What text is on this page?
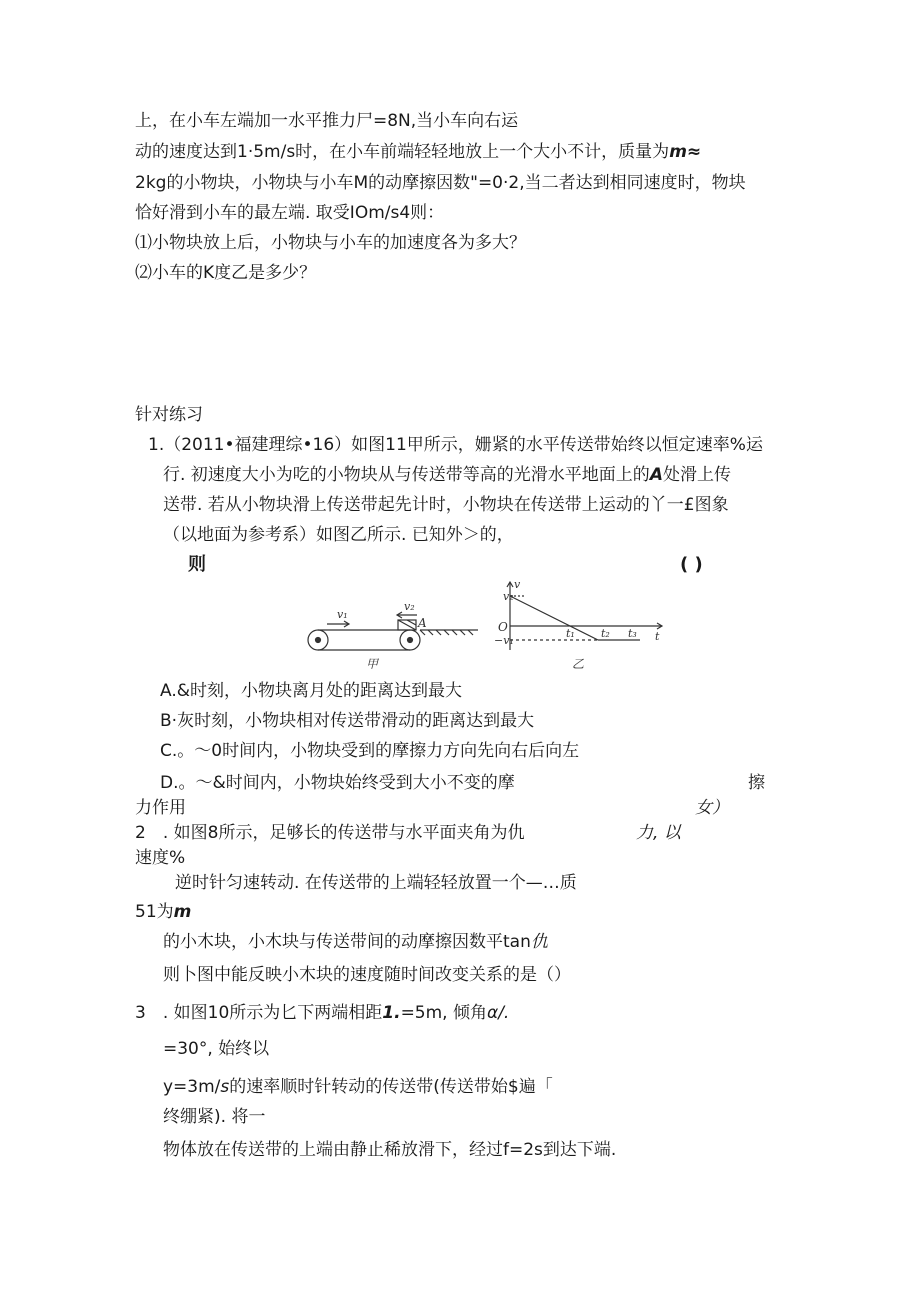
上，在小车左端加一水平推力尸=8N,当小车向右运
动的速度达到1·5m/s时，在小车前端轻轻地放上一个大小不计，质量为m≈
2kg的小物块，小物块与小车M的动摩擦因数"=0·2,当二者达到相同速度时，物块
恰好滑到小车的最左端. 取受IOm/s4则：
⑴小物块放上后，小物块与小车的加速度各为多大？
⑵小车的K度乙是多少？
针对练习
1.（2011•福建理综•16）如图11甲所示，姗紧的水平传送带始终以恒定速率%运
行. 初速度大小为吃的小物块从与传送带等高的光滑水平地面上的A处滑上传
送带. 若从小物块滑上传送带起先计时，小物块在传送带上运动的丫一£图象
（以地面为参考系）如图乙所示. 已知外＞的，
则	( )
v₁
v₂
A
v
v₂
O
−v₁
t₁ t₂ t₃ t
甲	乙
A.&时刻，小物块离月处的距离达到最大
B·灰时刻，小物块相对传送带滑动的距离达到最大
C.。～0时间内，小物块受到的摩擦力方向先向右后向左
D.。～&时间内，小物块始终受到大小不变的摩	擦
力作用	女）
2　. 如图8所示，足够长的传送带与水平面夹角为仇	力, 以
速度%
逆时针匀速转动. 在传送带的上端轻轻放置一个—…质
51为m
的小木块，小木块与传送带间的动摩擦因数平tan仇
则卜图中能反映小木块的速度随时间改变关系的是（）
3　. 如图10所示为匕下两端相距1.=5m, 倾角α/.
=30°, 始终以
y=3m/s的速率顺时针转动的传送带(传送带始$遍「
终绷紧). 将一
物体放在传送带的上端由静止稀放滑下，经过f=2s到达下端.
